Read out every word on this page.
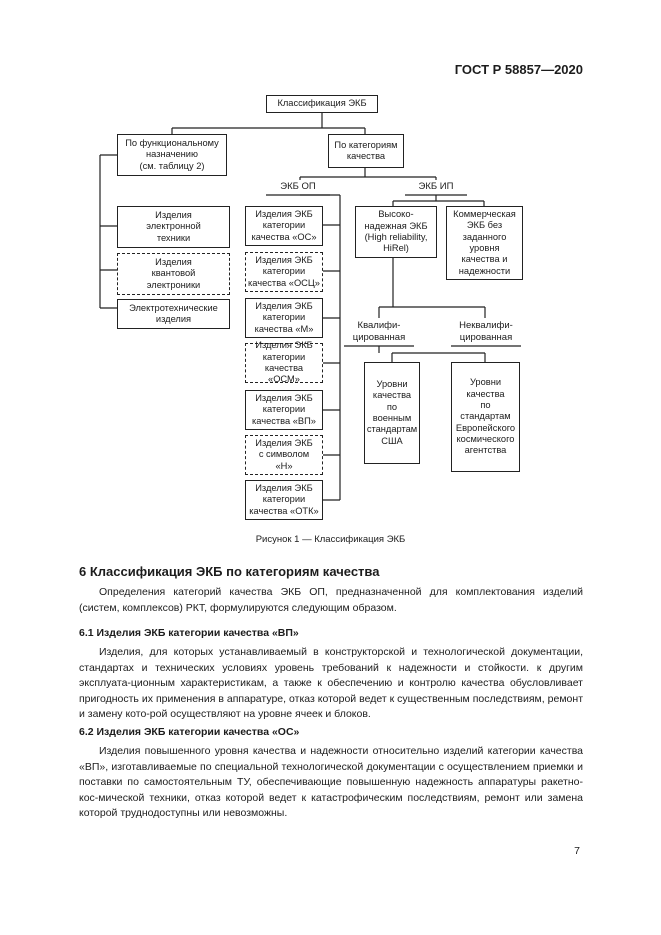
ГОСТ Р 58857—2020
Классификация ЭКБ
По функциональному
назначению
(см. таблицу 2)
По категориям
качества
Изделия
электронной
техники
Изделия
квантовой
электроники
Электротехнические
изделия
ЭКБ ОП	ЭКБ ИП
Изделия ЭКБ
категории
качества «ОС»
Изделия ЭКБ
категории
качества «ОСЦ»
Изделия ЭКБ
категории
качества «М»
Изделия ЭКБ
категории
качества «ОСМ»
Изделия ЭКБ
категории
качества «ВП»
Изделия ЭКБ
с символом
«Н»
Изделия ЭКБ
категории
качества «ОТК»
Высоко-
надежная ЭКБ
(High reliability,
HiRel)
Коммерческая
ЭКБ без
заданного
уровня
качества и
надежности
Квалифи-
цированная
Неквалифи-
цированная
Уровни
качества
по
военным
стандартам
США
Уровни
качества
по
стандартам
Европейского
космического
агентства
Рисунок 1 — Классификация ЭКБ
6 Классификация ЭКБ по категориям качества

Определения категорий качества ЭКБ ОП, предназначенной для комплектования изделий (систем, комплексов) РКТ, формулируются следующим образом.

6.1 Изделия ЭКБ категории качества «ВП»

Изделия, для которых устанавливаемый в конструкторской и технологической документации, стандартах и технических условиях уровень требований к надежности и стойкости. к другим эксплуата-ционным характеристикам, а также к обеспечению и контролю качества обусловливает пригодность их применения в аппаратуре, отказ которой ведет к существенным последствиям, ремонт и замену кото-рой осуществляют на уровне ячеек и блоков.

6.2 Изделия ЭКБ категории качества «ОС»

Изделия повышенного уровня качества и надежности относительно изделий категории качества «ВП», изготавливаемые по специальной технологической документации с осуществлением приемки и поставки по самостоятельным ТУ, обеспечивающие повышенную надежность аппаратуры ракетно-кос-мической техники, отказ которой ведет к катастрофическим последствиям, ремонт или замена которой труднодоступны или невозможны.

7
